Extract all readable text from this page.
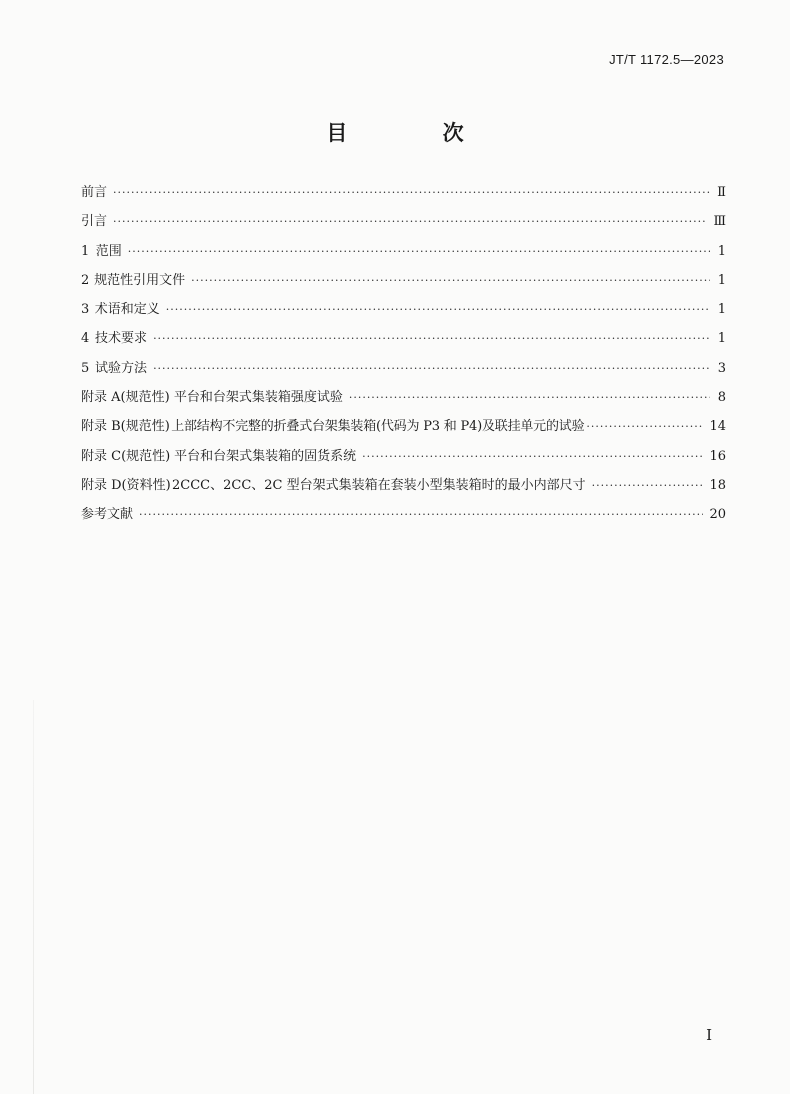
JT/T 1172.5—2023
目 次
前言 ·····	Ⅱ
引言 ·····	Ⅲ
1 范围 ·····	1
2 规范性引用文件 ·····	1
3 术语和定义 ·····	1
4 技术要求 ·····	1
5 试验方法 ·····	3
附录 A(规范性) 平台和台架式集装箱强度试验 ·····	8
附录 B(规范性) 上部结构不完整的折叠式台架集装箱(代码为 P3 和 P4)及联挂单元的试验 ·····	14
附录 C(规范性) 平台和台架式集装箱的固货系统 ·····	16
附录 D(资料性) 2CCC、2CC、2C 型台架式集装箱在套装小型集装箱时的最小内部尺寸 ·····	18
参考文献 ·····	20
I
